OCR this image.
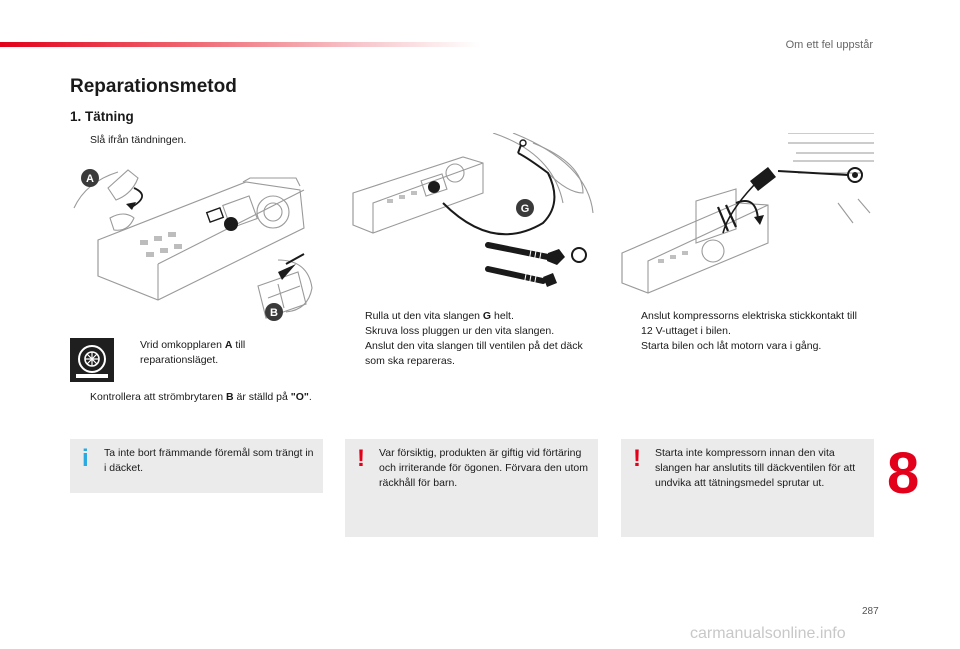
Om ett fel uppstår
Reparationsmetod
1. Tätning
Slå ifrån tändningen.
A
B
Vrid omkopplaren A till reparationsläget.
Kontrollera att strömbrytaren B är ställd på "O".
G
Rulla ut den vita slangen G helt.
Skruva loss pluggen ur den vita slangen.
Anslut den vita slangen till ventilen på det däck som ska repareras.
Anslut kompressorns elektriska stickkontakt till 12 V-uttaget i bilen.
Starta bilen och låt motorn vara i gång.
i Ta inte bort främmande föremål som trängt in i däcket.	! Var försiktig, produkten är giftig vid förtäring och irriterande för ögonen. Förvara den utom räckhåll för barn.
! Starta inte kompressorn innan den vita slangen har anslutits till däckventilen för att undvika att tätningsmedel sprutar ut.	8
287
carmanualsonline.info
